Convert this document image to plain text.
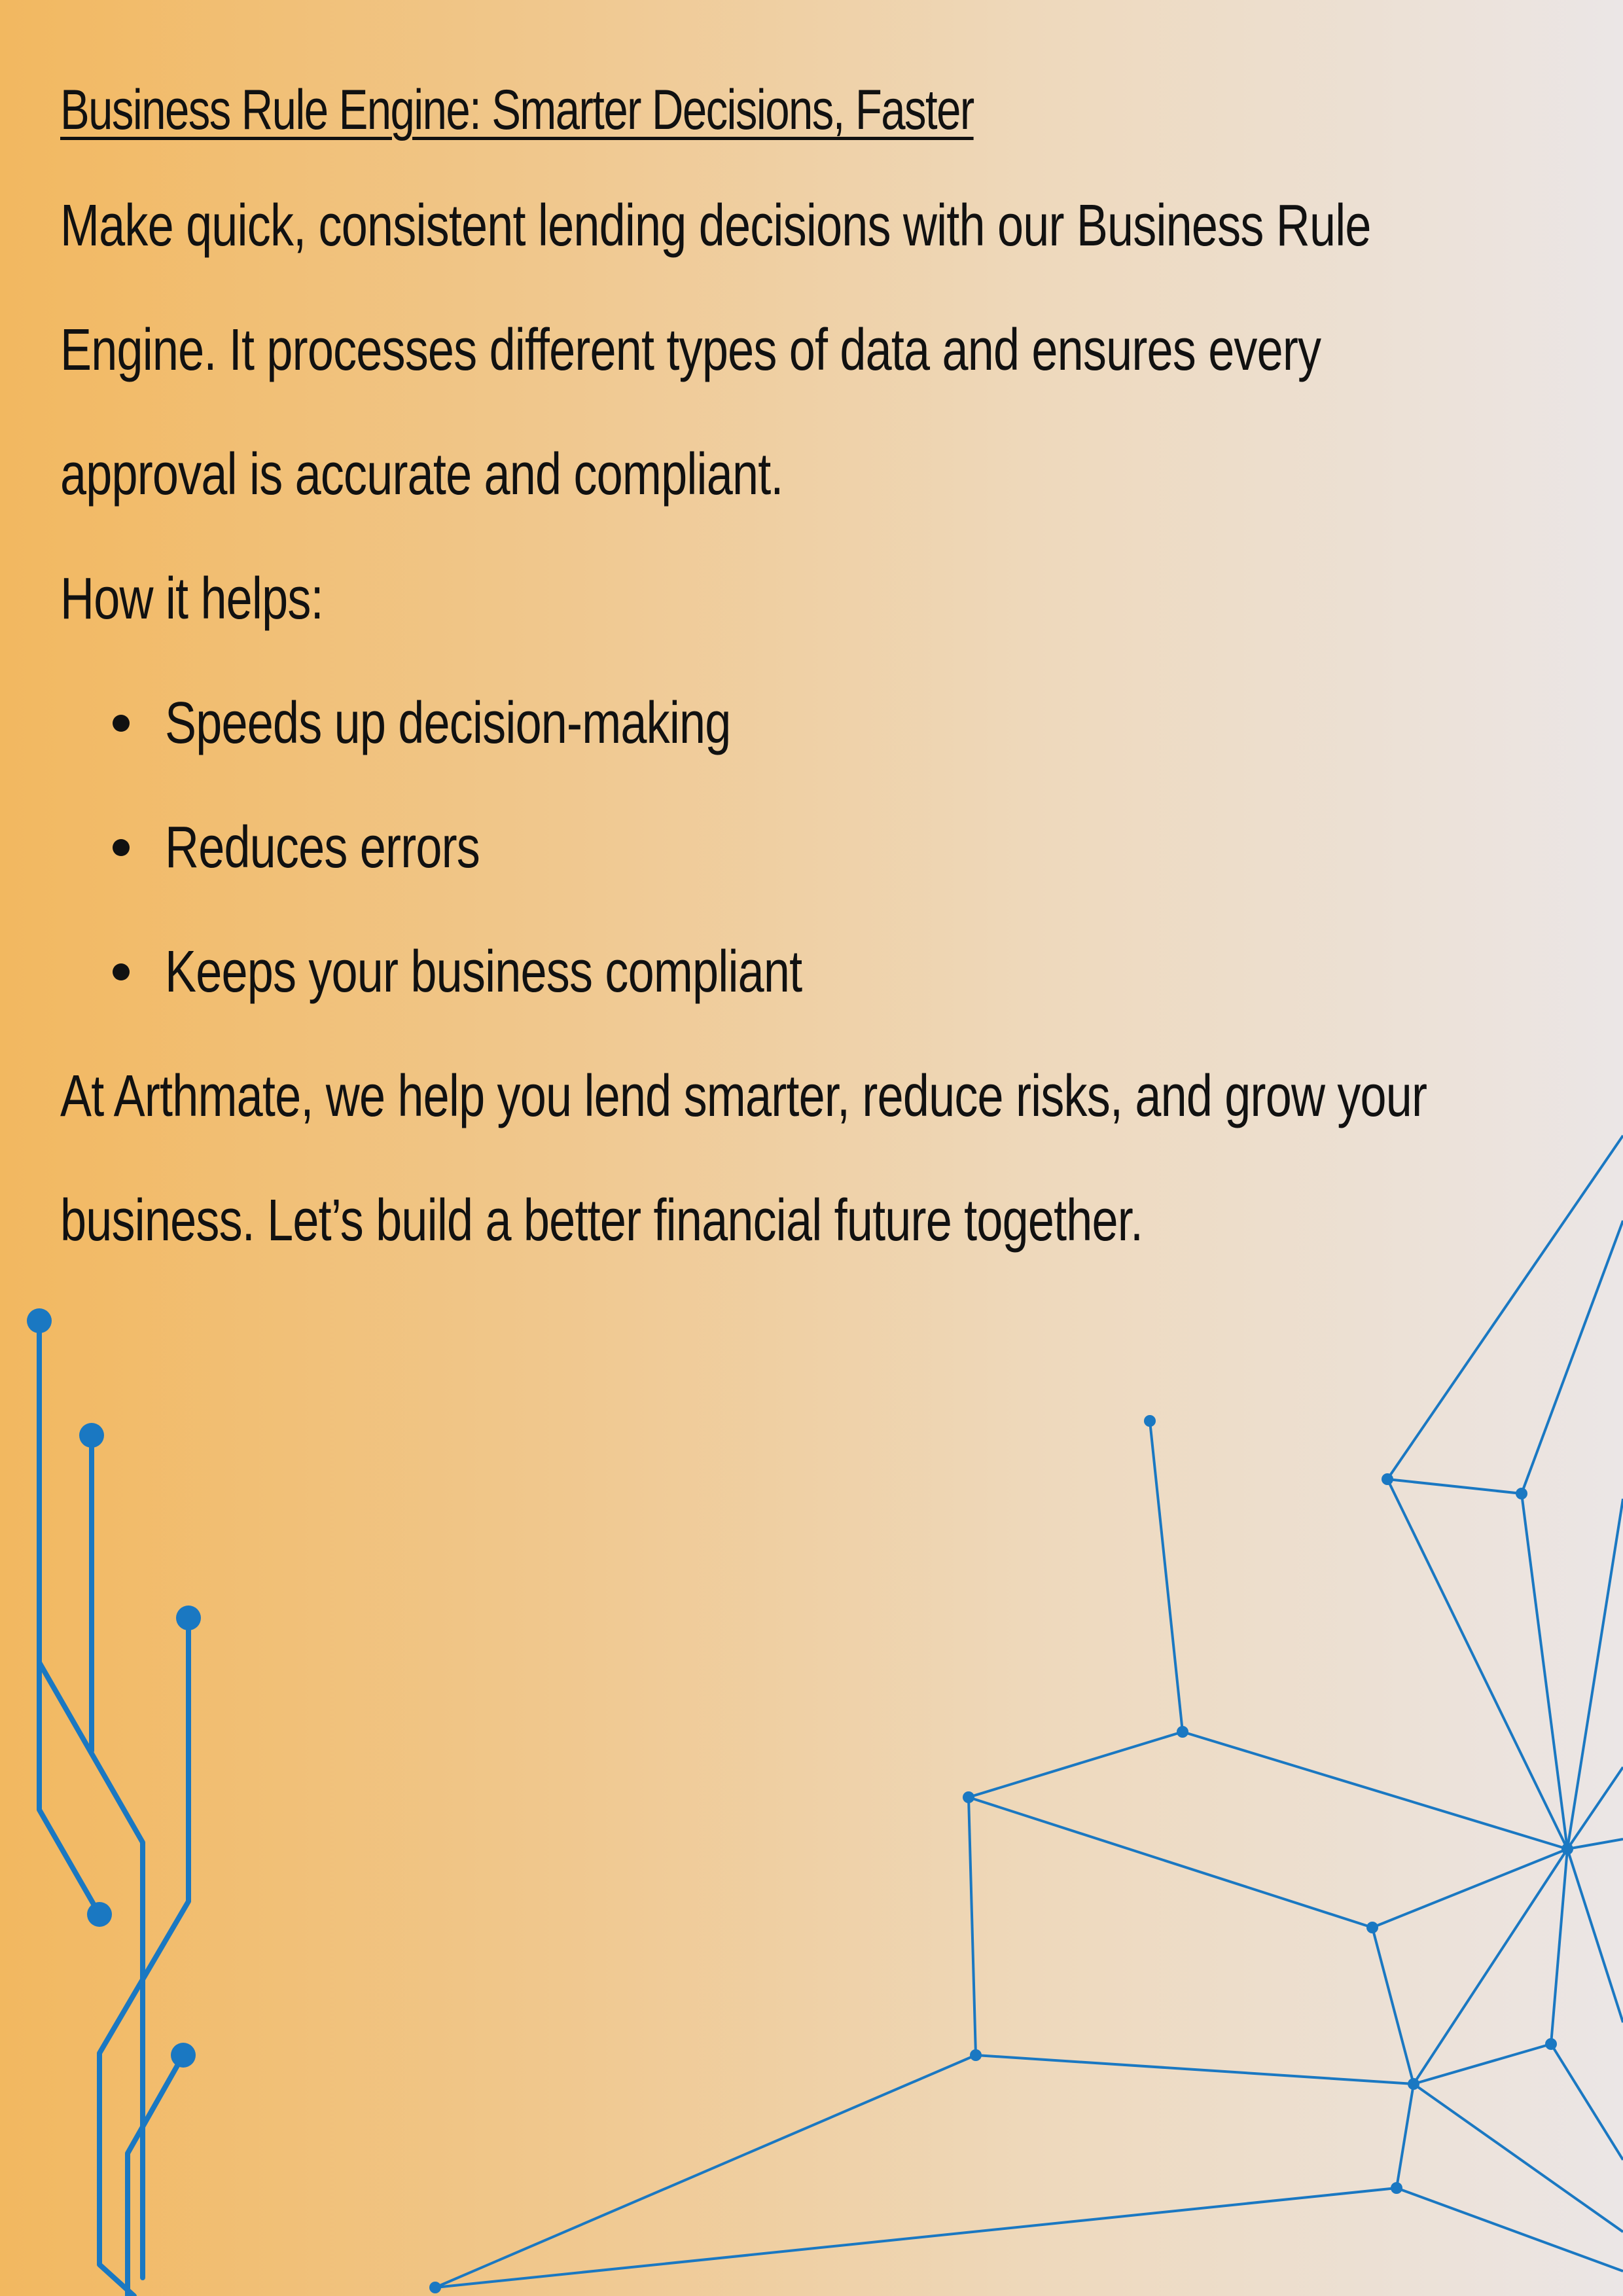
Business Rule Engine: Smarter Decisions, Faster

Make quick, consistent lending decisions with our Business Rule

Engine. It processes different types of data and ensures every

approval is accurate and compliant.

How it helps:

Speeds up decision-making
Reduces errors
Keeps your business compliant

At Arthmate, we help you lend smarter, reduce risks, and grow your

business. Let’s build a better financial future together.
